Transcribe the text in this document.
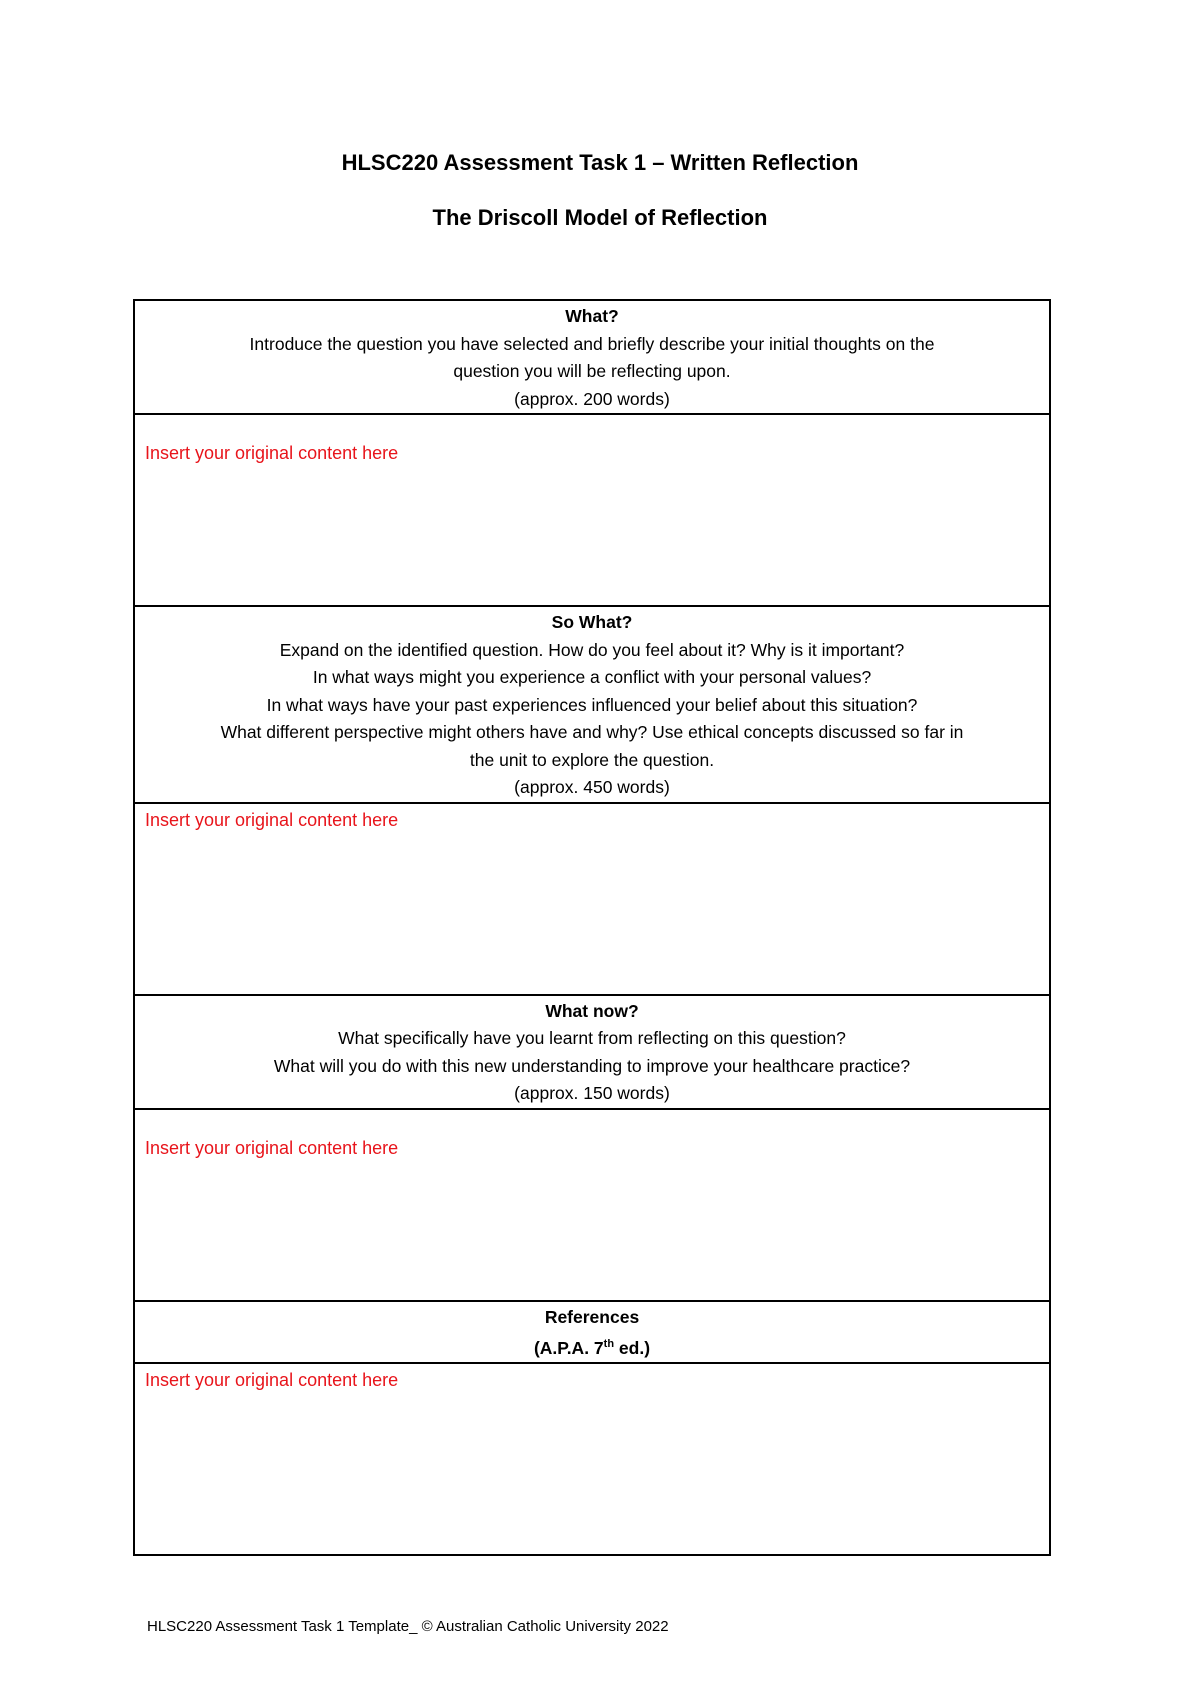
HLSC220 Assessment Task 1 – Written Reflection
The Driscoll Model of Reflection
What?
Introduce the question you have selected and briefly describe your initial thoughts on the
question you will be reflecting upon.
(approx. 200 words)

Insert your original content here

So What?
Expand on the identified question. How do you feel about it? Why is it important?
In what ways might you experience a conflict with your personal values?
In what ways have your past experiences influenced your belief about this situation?
What different perspective might others have and why? Use ethical concepts discussed so far in
the unit to explore the question.
(approx. 450 words)

Insert your original content here

What now?
What specifically have you learnt from reflecting on this question?
What will you do with this new understanding to improve your healthcare practice?
(approx. 150 words)

Insert your original content here

References
(A.P.A. 7th ed.)

Insert your original content here
HLSC220 Assessment Task 1 Template_ © Australian Catholic University 2022
